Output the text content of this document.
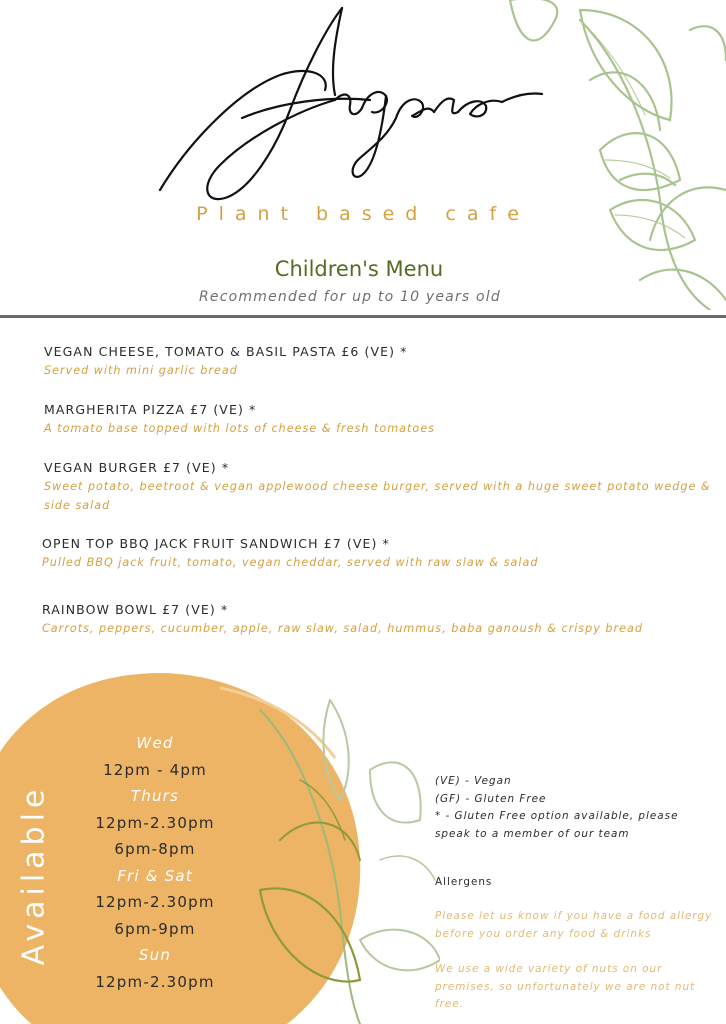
Plant based cafe
Children's Menu
Recommended for up to 10 years old
VEGAN CHEESE, TOMATO & BASIL PASTA £6 (VE) *
Served with mini garlic bread
MARGHERITA PIZZA £7 (VE) *
A tomato base topped with lots of cheese & fresh tomatoes
VEGAN BURGER £7 (VE) *
Sweet potato, beetroot & vegan applewood cheese burger, served with a huge sweet potato wedge & side salad
OPEN TOP BBQ JACK FRUIT SANDWICH £7 (VE) *
Pulled BBQ jack fruit, tomato, vegan cheddar, served with raw slaw & salad
RAINBOW BOWL £7 (VE) *
Carrots, peppers, cucumber, apple, raw slaw, salad, hummus, baba ganoush & crispy bread
Available
Wed
12pm - 4pm
Thurs
12pm-2.30pm
6pm-8pm
Fri & Sat
12pm-2.30pm
6pm-9pm
Sun
12pm-2.30pm
(VE) - Vegan
(GF) - Gluten Free
* - Gluten Free option available, please
speak to a member of our team
Allergens
Please let us know if you have a food allergy
before you order any food & drinks
We use a wide variety of nuts on our
premises, so unfortunately we are not nut
free.
